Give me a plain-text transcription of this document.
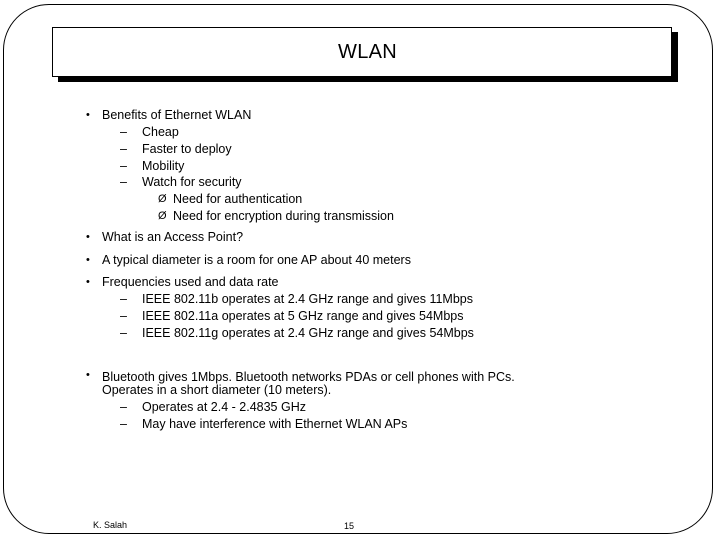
WLAN
• Benefits of Ethernet WLAN
– Cheap
– Faster to deploy
– Mobility
– Watch for security
Ø Need for authentication
Ø Need for encryption during transmission
• What is an Access Point?
• A typical diameter is a room for one AP about 40 meters
• Frequencies used and data rate
– IEEE 802.11b operates at 2.4 GHz range and gives 11Mbps
– IEEE 802.11a operates at 5 GHz range and gives 54Mbps
– IEEE 802.11g operates at 2.4 GHz range and gives 54Mbps
• Bluetooth gives 1Mbps. Bluetooth networks PDAs or cell phones with PCs.
Operates in a short diameter (10 meters).
– Operates at 2.4 - 2.4835 GHz
– May have interference with Ethernet WLAN APs
K. Salah	15
